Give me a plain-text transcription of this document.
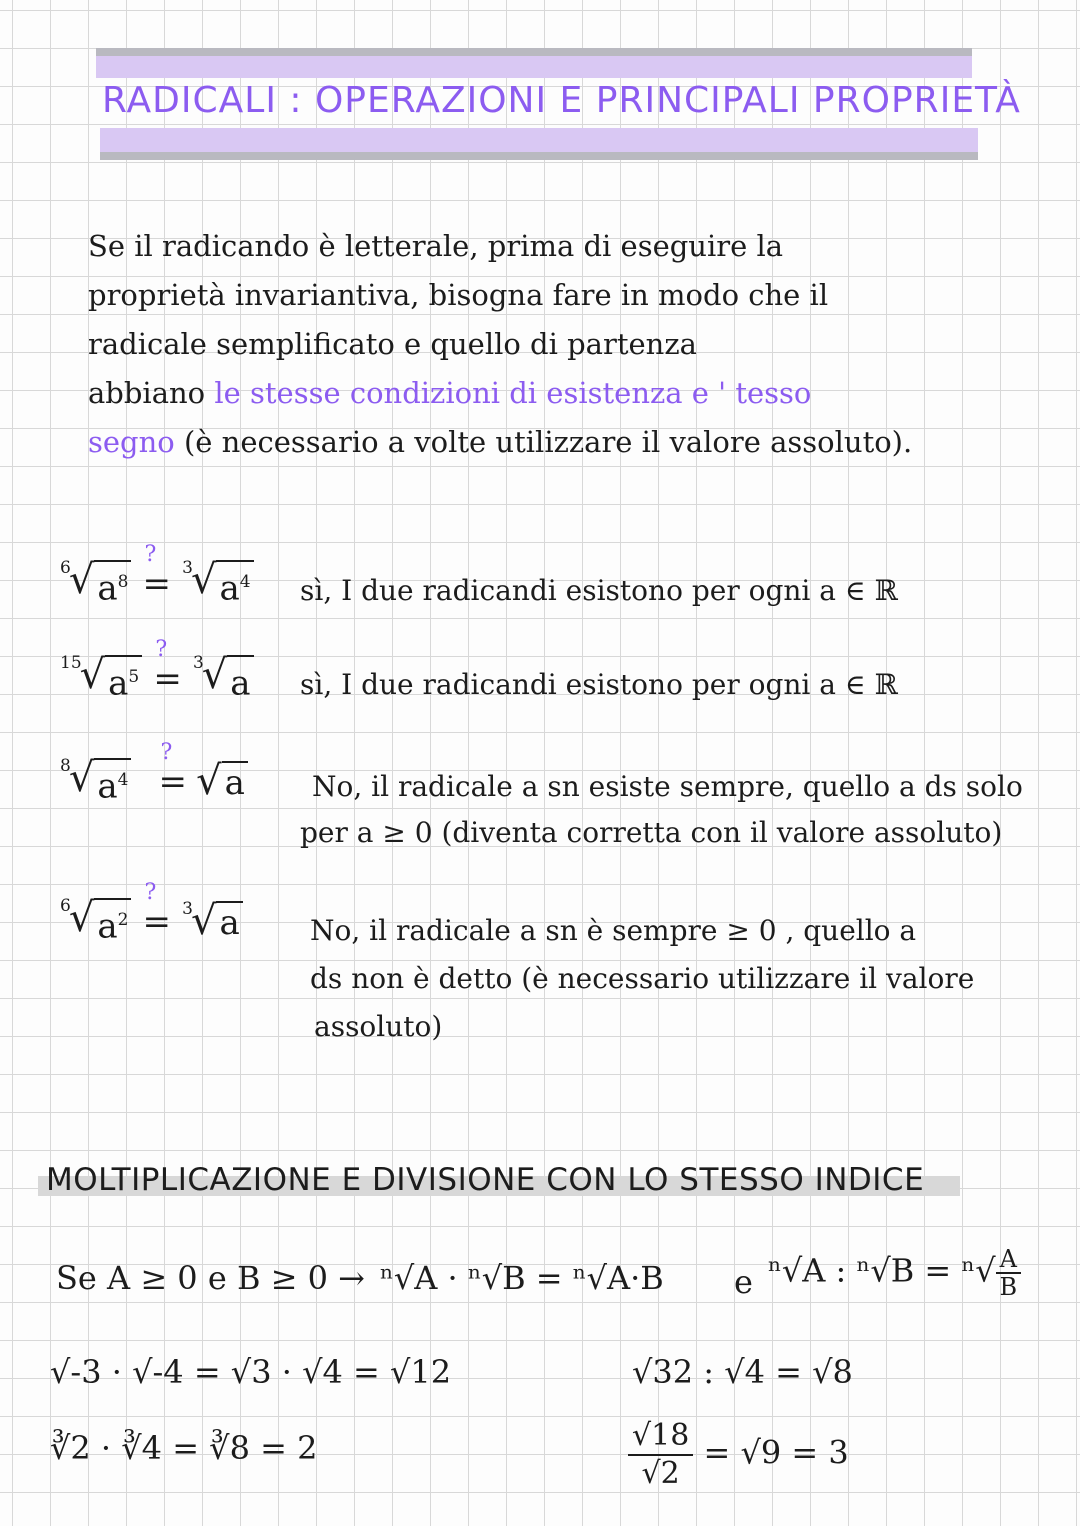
RADICALI : OPERAZIONI E PRINCIPALI PROPRIETÀ
Se il radicando è letterale, prima di eseguire la
proprietà invariantiva, bisogna fare in modo che il
radicale semplificato e quello di partenza
abbiano le stesse condizioni di esistenza e ' tesso
segno (è necessario a volte utilizzare il valore assoluto).
6
√ $a^8$

?
= 3
√ $a^4$ sì, I due radicandi esistono per ogni a ∈ ℝ
15
√ $a^5$

?
= 3
√ a sì, I due radicandi esistono per ogni a ∈ ℝ
8
√ $a^4$

?
= √ a No, il radicale a sn esiste sempre, quello a ds solo
per a ≥ 0 (diventa corretta con il valore assoluto)
6
√ $a^2$

?
= 3
√ a	No, il radicale a sn è sempre ≥ 0 , quello a
ds non è detto (è necessario utilizzare il valore
assoluto)
MOLTIPLICAZIONE E DIVISIONE CON LO STESSO INDICE
Se A ≥ 0 e B ≥ 0 → ⁿ√A · ⁿ√B = ⁿ√A·B e ⁿ√A : $^n√B = ^n√ \frac{A}{B}$
√-3 · √-4 = √3 · √4 = √12
∛2 · ∛4 = ∛8 = 2
√32 : √4 = √8
$\frac{√18}{√2} = √9 = 3$
